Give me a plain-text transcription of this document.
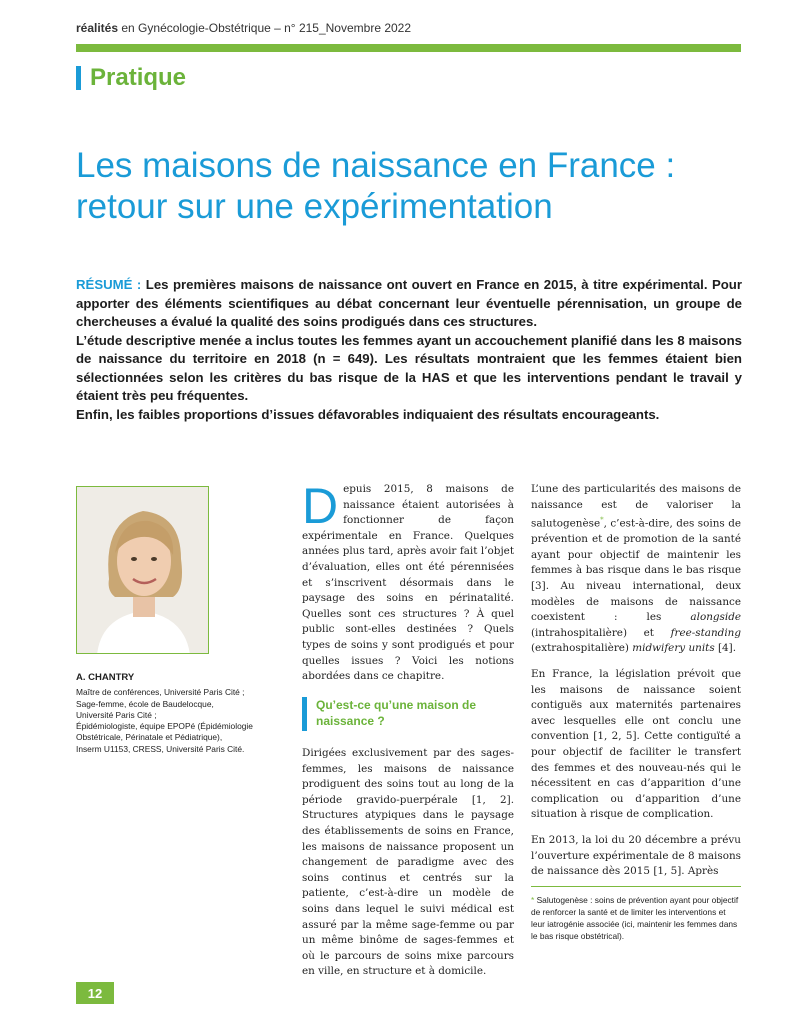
réalités en Gynécologie-Obstétrique – n° 215_Novembre 2022
Pratique
Les maisons de naissance en France :
retour sur une expérimentation

RÉSUMÉ : Les premières maisons de naissance ont ouvert en France en 2015, à titre expérimental. Pour apporter des éléments scientifiques au débat concernant leur éventuelle pérennisation, un groupe de chercheuses a évalué la qualité des soins prodigués dans ces structures.

L’étude descriptive menée a inclus toutes les femmes ayant un accouchement planifié dans les 8 maisons de naissance du territoire en 2018 (n = 649). Les résultats montraient que les femmes étaient bien sélectionnées selon les critères du bas risque de la HAS et que les interventions pendant le travail y étaient très peu fréquentes.

Enfin, les faibles proportions d’issues défavorables indiquaient des résultats encourageants.

A. CHANTRY
Maître de conférences, Université Paris Cité ;
Sage-femme, école de Baudelocque,
Université Paris Cité ;
Épidémiologiste, équipe EPOPé (Épidémiologie Obstétricale, Périnatale et Pédiatrique),
Inserm U1153, CRESS, Université Paris Cité.

Depuis 2015, 8 maisons de naissance étaient autorisées à fonctionner de façon expérimentale en France. Quelques années plus tard, après avoir fait l’objet d’évaluation, elles ont été pérennisées et s’inscrivent désormais dans le paysage des soins en périnatalité. Quelles sont ces structures ? À quel public sont-elles destinées ? Quels types de soins y sont prodigués et pour quelles issues ? Voici les notions abordées dans ce chapitre.

Qu’est-ce qu’une maison de naissance ?

Dirigées exclusivement par des sages-femmes, les maisons de naissance prodiguent des soins tout au long de la période gravido-puerpérale [1, 2]. Structures atypiques dans le paysage des établissements de soins en France, les maisons de naissance proposent un changement de paradigme avec des soins continus et centrés sur la patiente, c’est-à-dire un modèle de soins dans lequel le suivi médical est assuré par la même sage-femme ou par un même binôme de sages-femmes et où le parcours de soins mixe parcours en ville, en structure et à domicile.

L’une des particularités des maisons de naissance est de valoriser la salutogenèse*, c’est-à-dire, des soins de prévention et de promotion de la santé ayant pour objectif de maintenir les femmes à bas risque dans le bas risque [3]. Au niveau international, deux modèles de maisons de naissance coexistent : les alongside (intrahospitalière) et free-standing (extrahospitalière) midwifery units [4].

En France, la législation prévoit que les maisons de naissance soient contiguës aux maternités partenaires avec lesquelles elle ont conclu une convention [1, 2, 5]. Cette contiguïté a pour objectif de faciliter le transfert des femmes et des nouveau-nés qui le nécessitent en cas d’apparition d’une complication ou d’apparition d’une situation à risque de complication.

En 2013, la loi du 20 décembre a prévu l’ouverture expérimentale de 8 maisons de naissance dès 2015 [1, 5]. Après

* Salutogenèse : soins de prévention ayant pour objectif de renforcer la santé et de limiter les interventions et leur iatrogénie associée (ici, maintenir les femmes dans le bas risque obstétrical).
12
